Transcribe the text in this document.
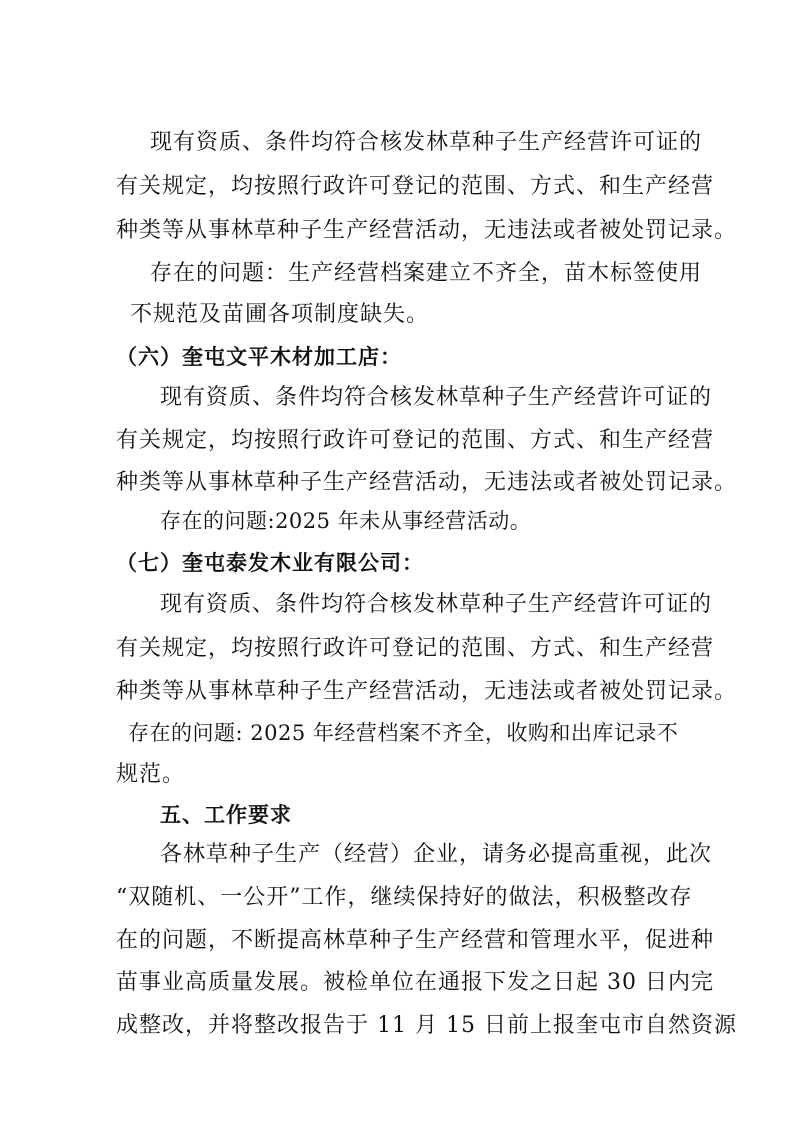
现有资质、条件均符合核发林草种子生产经营许可证的
有关规定，均按照行政许可登记的范围、方式、和生产经营
种类等从事林草种子生产经营活动，无违法或者被处罚记录。
存在的问题：生产经营档案建立不齐全，苗木标签使用
不规范及苗圃各项制度缺失。
（六）奎屯文平木材加工店：
现有资质、条件均符合核发林草种子生产经营许可证的
有关规定，均按照行政许可登记的范围、方式、和生产经营
种类等从事林草种子生产经营活动，无违法或者被处罚记录。
存在的问题:2025 年未从事经营活动。
（七）奎屯泰发木业有限公司：
现有资质、条件均符合核发林草种子生产经营许可证的
有关规定，均按照行政许可登记的范围、方式、和生产经营
种类等从事林草种子生产经营活动，无违法或者被处罚记录。
存在的问题: 2025 年经营档案不齐全，收购和出库记录不
规范。
五、工作要求
各林草种子生产（经营）企业，请务必提高重视，此次
“双随机、一公开”工作，继续保持好的做法，积极整改存
在的问题，不断提高林草种子生产经营和管理水平，促进种
苗事业高质量发展。被检单位在通报下发之日起 30 日内完
成整改，并将整改报告于 11 月 15 日前上报奎屯市自然资源
